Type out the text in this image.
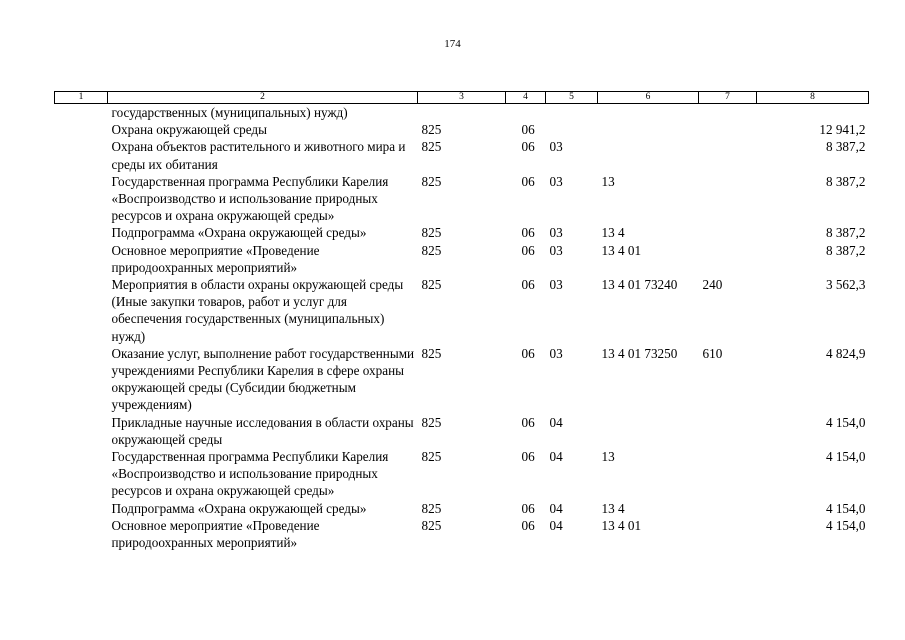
174
1	2	3	4	5	6	7	8
	государственных (муниципальных) нужд)						
	Охрана окружающей среды	825	06				12 941,2
	Охрана объектов растительного и животного мира и среды их обитания	825	06	03			8 387,2
	Государственная программа Республики Карелия «Воспроизводство и использование природных ресурсов и охрана окружающей среды»	825	06	03	13		8 387,2
	Подпрограмма «Охрана окружающей среды»	825	06	03	13 4		8 387,2
	Основное мероприятие «Проведение природоохранных мероприятий»	825	06	03	13 4 01		8 387,2
	Мероприятия в области охраны окружающей среды (Иные закупки товаров, работ и услуг для обеспечения государственных (муниципальных) нужд)	825	06	03	13 4 01 73240	240	3 562,3
	Оказание услуг, выполнение работ государственными учреждениями Республики Карелия в сфере охраны окружающей среды (Субсидии бюджетным учреждениям)	825	06	03	13 4 01 73250	610	4 824,9
	Прикладные научные исследования в области охраны окружающей среды	825	06	04			4 154,0
	Государственная программа Республики Карелия «Воспроизводство и использование природных ресурсов и охрана окружающей среды»	825	06	04	13		4 154,0
	Подпрограмма «Охрана окружающей среды»	825	06	04	13 4		4 154,0
	Основное мероприятие «Проведение природоохранных мероприятий»	825	06	04	13 4 01		4 154,0
